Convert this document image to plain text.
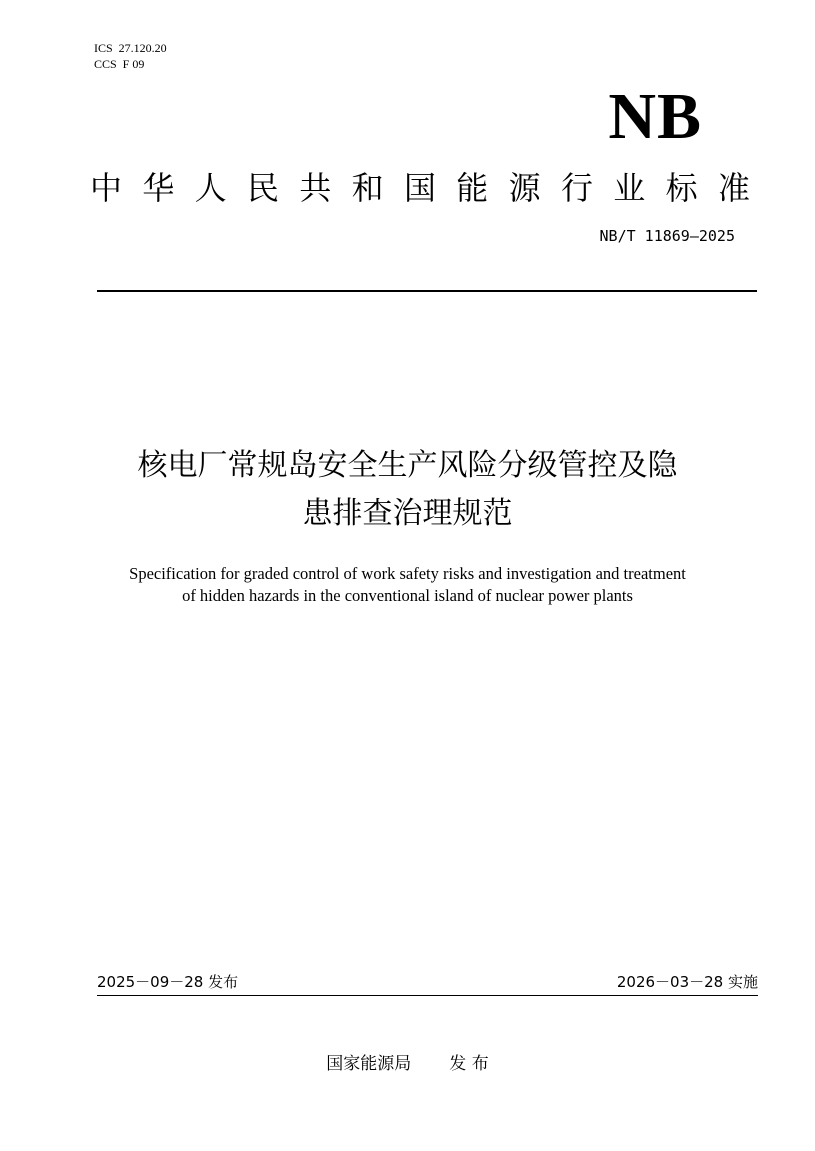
ICS  27.120.20
CCS  F 09
NB
中 华 人 民 共 和 国 能 源 行 业 标 准
NB/T 11869—2025
核电厂常规岛安全生产风险分级管控及隐
患排查治理规范
Specification for graded control of work safety risks and investigation and treatment
of hidden hazards in the conventional island of nuclear power plants
2025－09－28 发布	2026－03－28 实施
国家能源局 发 布
